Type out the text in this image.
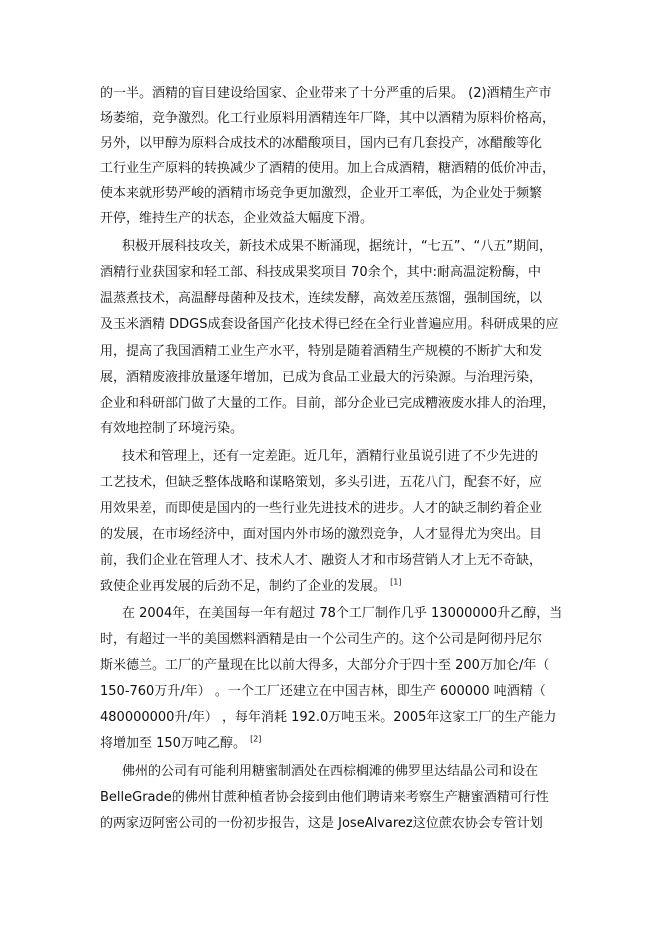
的一半。酒精的盲目建设给国家、企业带来了十分严重的后果。 (2)酒精生产市
场萎缩，竞争激烈。化工行业原料用酒精连年厂降，其中以酒精为原料价格高，
另外，以甲醇为原料合成技术的冰醋酸项目，国内已有几套投产，冰醋酸等化
工行业生产原料的转换减少了酒精的使用。加上合成酒精，糖酒精的低价冲击，
使本来就形势严峻的酒精市场竞争更加激烈，企业开工率低，为企业处于频繁
开停，维持生产的状态，企业效益大幅度下滑。
积极开展科技攻关，新技术成果不断涌现，据统计，“七五”、“八五”期间，
酒精行业获国家和轻工部、科技成果奖项目 70余个，其中:耐高温淀粉酶，中
温蒸煮技术，高温酵母菌种及技术，连续发酵，高效差压蒸馏，强制国统，以
及玉米酒精 DDGS成套设备国产化技术得已经在全行业普遍应用。科研成果的应
用，提高了我国酒精工业生产水平，特别是随着酒精生产规模的不断扩大和发
展，酒精废液排放量逐年增加，已成为食品工业最大的污染源。与治理污染，
企业和科研部门做了大量的工作。目前，部分企业已完成糟液废水排人的治理，
有效地控制了环境污染。
技术和管理上，还有一定差距。近几年，酒精行业虽说引进了不少先进的
工艺技术，但缺乏整体战略和谋略策划，多头引进，五花八门，配套不好，应
用效果差，而即使是国内的一些行业先进技术的进步。人才的缺乏制约着企业
的发展，在市场经济中，面对国内外市场的激烈竞争，人才显得尤为突出。目
前，我们企业在管理人才、技术人才、融资人才和市场营销人才上无不奇缺，
致使企业再发展的后劲不足，制约了企业的发展。 [1]
在 2004年，在美国每一年有超过 78个工厂制作几乎 13000000升乙醇，当
时，有超过一半的美国燃料酒精是由一个公司生产的。这个公司是阿彻丹尼尔
斯米德兰。工厂的产量现在比以前大得多，大部分介于四十至 200万加仑/年（
150-760万升/年） 。一个工厂还建立在中国吉林，即生产 600000 吨酒精（
480000000升/年） ，每年消耗 192.0万吨玉米。2005年这家工厂的生产能力
将增加至 150万吨乙醇。 [2]
佛州的公司有可能利用糖蜜制酒处在西棕榈滩的佛罗里达结晶公司和设在
BelleGrade的佛州甘蔗种植者协会接到由他们聘请来考察生产糖蜜酒精可行性
的两家迈阿密公司的一份初步报告，这是 JoseAlvarez这位蔗农协会专管计划
